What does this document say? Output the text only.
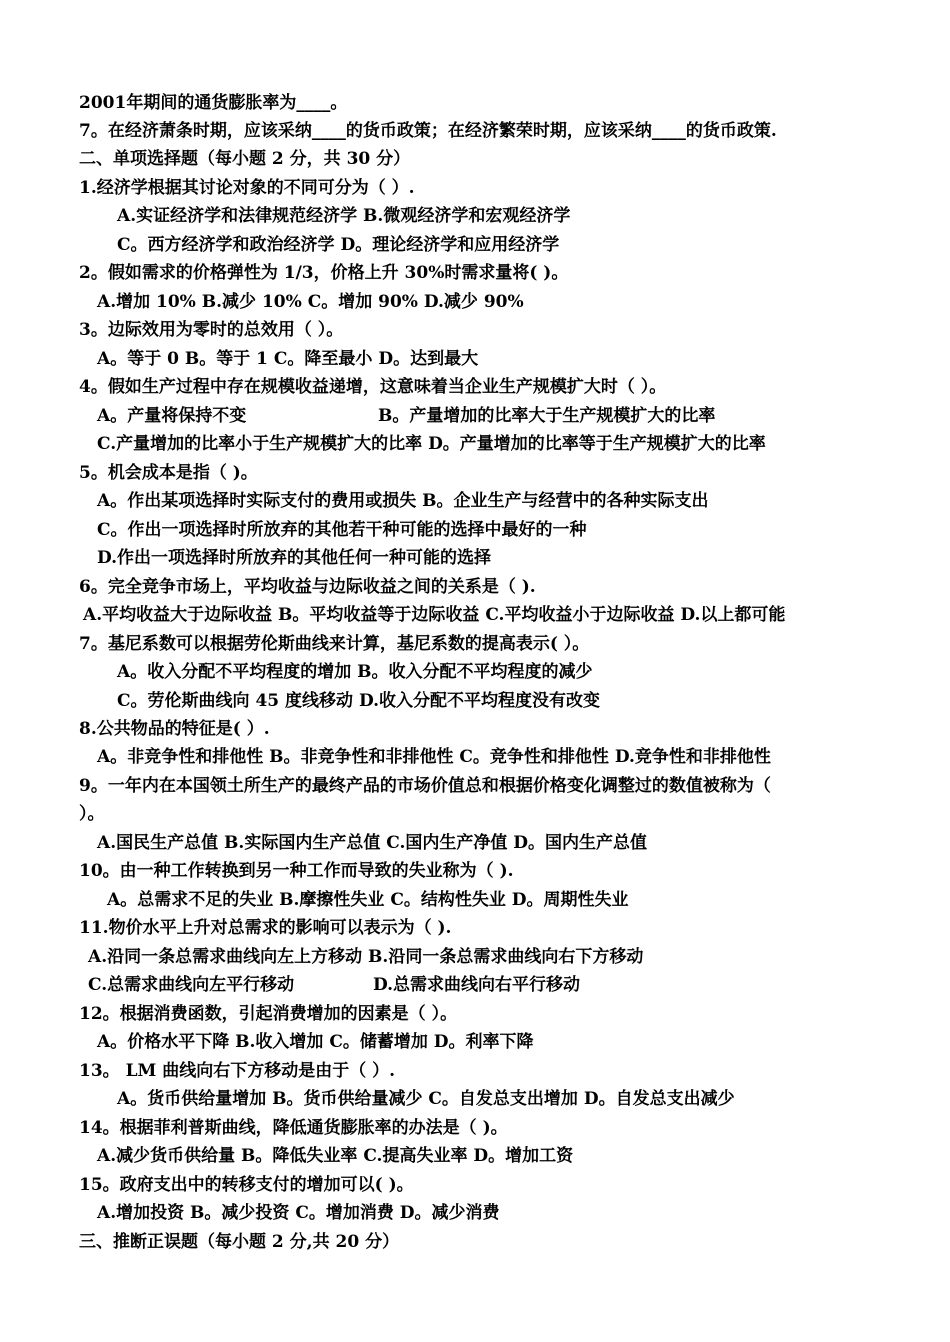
2001年期间的通货膨胀率为____。
7。在经济萧条时期，应该采纳____的货币政策；在经济繁荣时期，应该采纳____的货币政策.
二、单项选择题（每小题 2 分，共 30 分）
1.经济学根据其讨论对象的不同可分为（ ）.
A.实证经济学和法律规范经济学 B.微观经济学和宏观经济学
C。西方经济学和政治经济学 D。理论经济学和应用经济学
2。假如需求的价格弹性为 1/3，价格上升 30%时需求量将( )。
A.增加 10% B.减少 10% C。增加 90% D.减少 90%
3。边际效用为零时的总效用（ ）。
A。等于 0 B。等于 1 C。降至最小 D。达到最大
4。假如生产过程中存在规模收益递增，这意味着当企业生产规模扩大时（ ）。
A。产量将保持不变	B。产量增加的比率大于生产规模扩大的比率
C.产量增加的比率小于生产规模扩大的比率 D。产量增加的比率等于生产规模扩大的比率
5。机会成本是指（ )。
A。作出某项选择时实际支付的费用或损失 B。企业生产与经营中的各种实际支出
C。作出一项选择时所放弃的其他若干种可能的选择中最好的一种
D.作出一项选择时所放弃的其他任何一种可能的选择
6。完全竞争市场上，平均收益与边际收益之间的关系是（ ).
A.平均收益大于边际收益 B。平均收益等于边际收益 C.平均收益小于边际收益 D.以上都可能
7。基尼系数可以根据劳伦斯曲线来计算，基尼系数的提高表示( ）。
A。收入分配不平均程度的增加 B。收入分配不平均程度的减少
C。劳伦斯曲线向 45 度线移动 D.收入分配不平均程度没有改变
8.公共物品的特征是( ）.
A。非竞争性和排他性 B。非竞争性和非排他性 C。竞争性和排他性 D.竞争性和非排他性
9。一年内在本国领土所生产的最终产品的市场价值总和根据价格变化调整过的数值被称为（
）。
A.国民生产总值 B.实际国内生产总值 C.国内生产净值 D。国内生产总值
10。由一种工作转换到另一种工作而导致的失业称为（ ).
A。总需求不足的失业 B.摩擦性失业 C。结构性失业 D。周期性失业
11.物价水平上升对总需求的影响可以表示为（ ).
A.沿同一条总需求曲线向左上方移动 B.沿同一条总需求曲线向右下方移动
C.总需求曲线向左平行移动	D.总需求曲线向右平行移动
12。根据消费函数，引起消费增加的因素是（ ）。
A。价格水平下降 B.收入增加 C。储蓄增加 D。利率下降
13。 LM 曲线向右下方移动是由于（ ）.
A。货币供给量增加 B。货币供给量减少 C。自发总支出增加 D。自发总支出减少
14。根据菲利普斯曲线，降低通货膨胀率的办法是（ )。
A.减少货币供给量 B。降低失业率 C.提高失业率 D。增加工资
15。政府支出中的转移支付的增加可以( )。
A.增加投资 B。减少投资 C。增加消费 D。减少消费
三、推断正误题（每小题 2 分,共 20 分）
